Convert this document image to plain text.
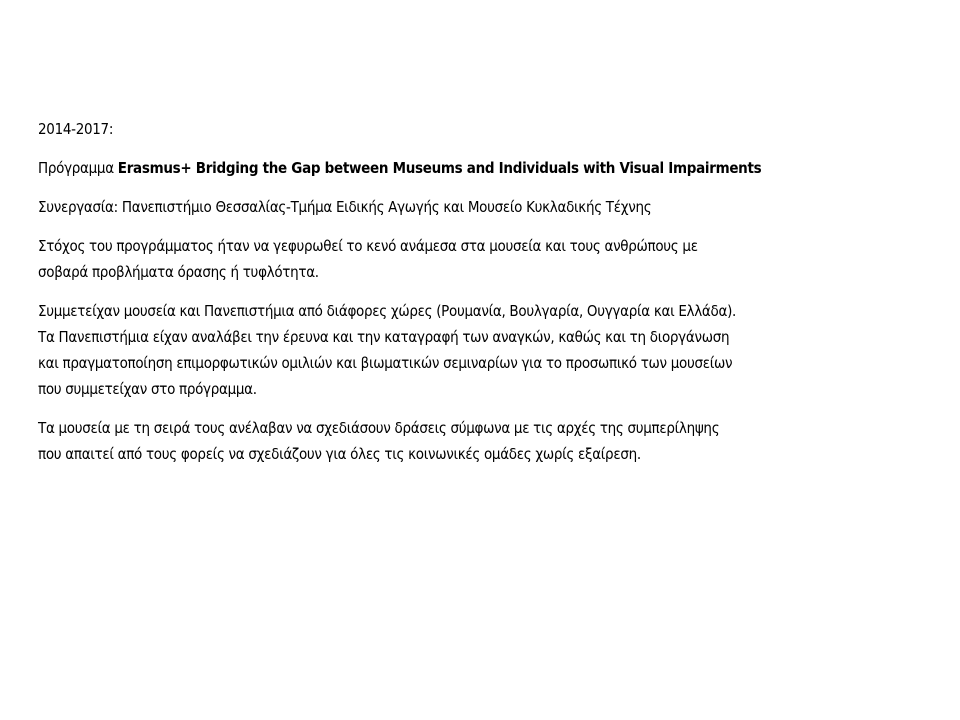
2014-2017:

Πρόγραμμα Erasmus+ Bridging the Gap between Museums and Individuals with Visual Impairments

Συνεργασία: Πανεπιστήμιο Θεσσαλίας-Τμήμα Ειδικής Αγωγής και Μουσείο Κυκλαδικής Τέχνης

Στόχος του προγράμματος ήταν να γεφυρωθεί το κενό ανάμεσα στα μουσεία και τους ανθρώπους με
σοβαρά προβλήματα όρασης ή τυφλότητα.

Συμμετείχαν μουσεία και Πανεπιστήμια από διάφορες χώρες (Ρουμανία, Βουλγαρία, Ουγγαρία και Ελλάδα).
Τα Πανεπιστήμια είχαν αναλάβει την έρευνα και την καταγραφή των αναγκών, καθώς και τη διοργάνωση
και πραγματοποίηση επιμορφωτικών ομιλιών και βιωματικών σεμιναρίων για το προσωπικό των μουσείων
που συμμετείχαν στο πρόγραμμα.

Τα μουσεία με τη σειρά τους ανέλαβαν να σχεδιάσουν δράσεις σύμφωνα με τις αρχές της συμπερίληψης
που απαιτεί από τους φορείς να σχεδιάζουν για όλες τις κοινωνικές ομάδες χωρίς εξαίρεση.
